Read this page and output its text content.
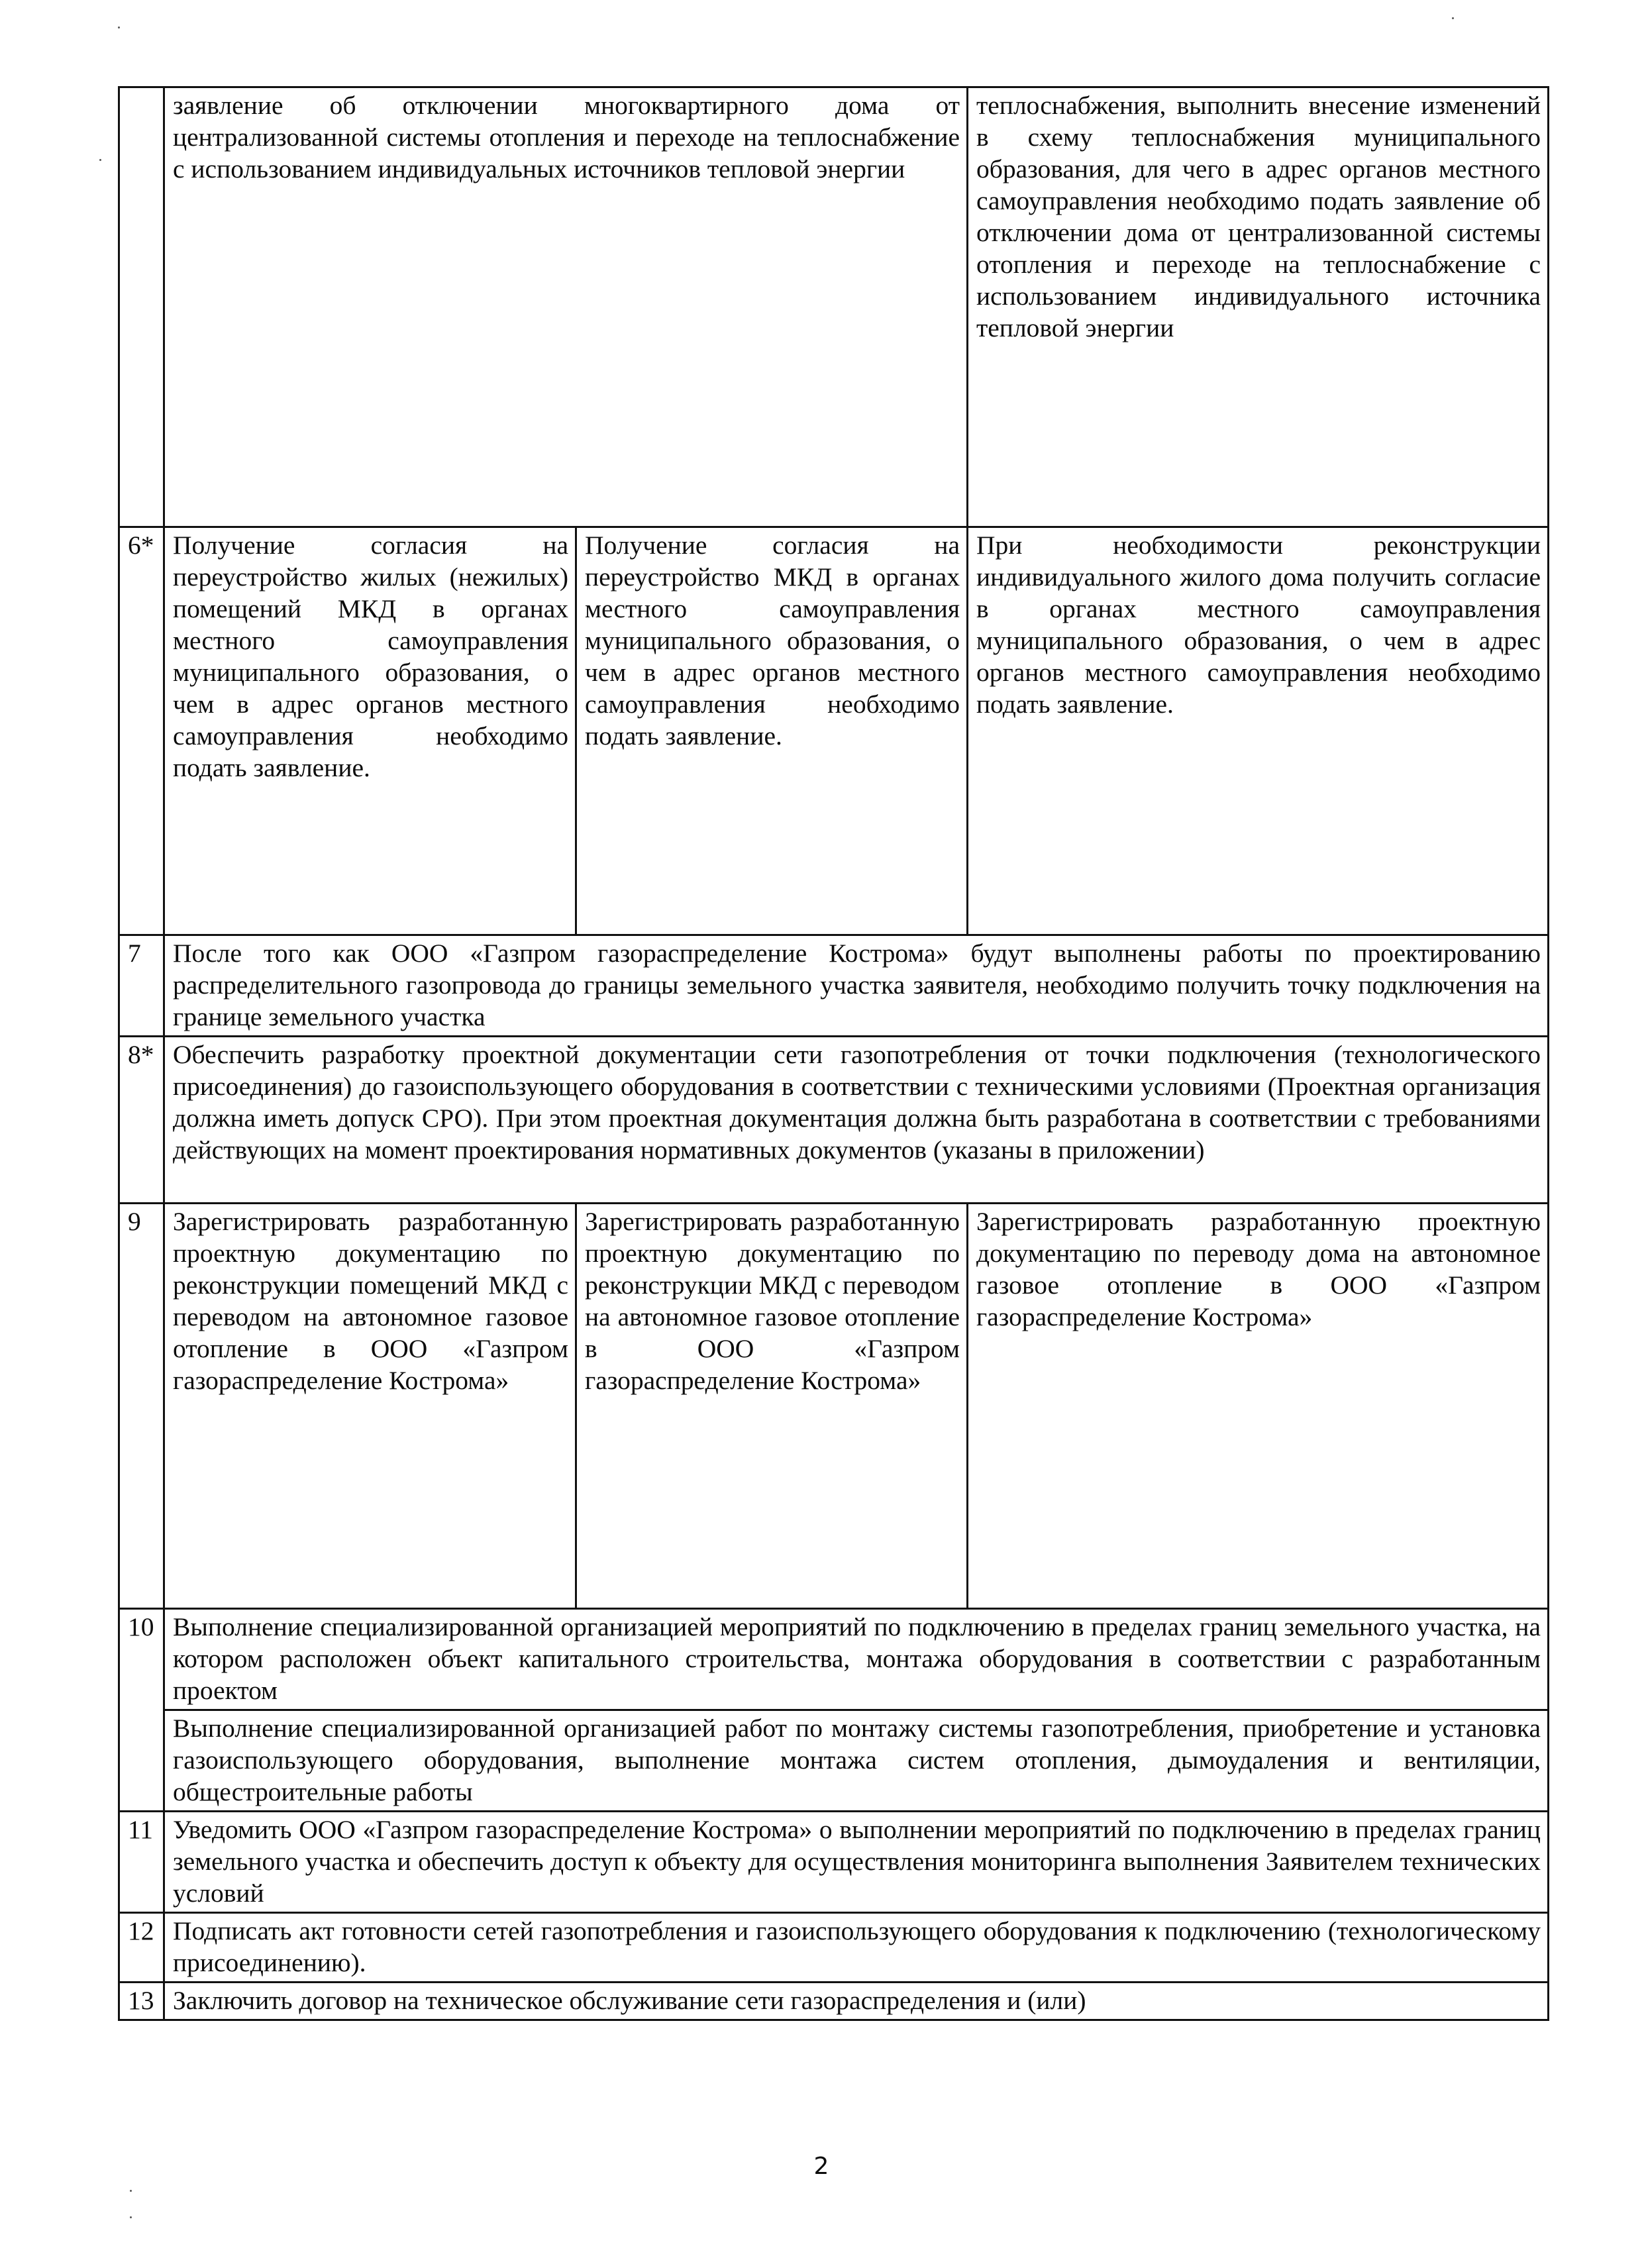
	заявление об отключении многоквартирного дома от централизованной системы отопления и переходе на теплоснабжение с использованием индивидуальных источников тепловой энергии		теплоснабжения, выполнить внесение изменений в схему теплоснабжения муниципального образования, для чего в адрес органов местного самоуправления необходимо подать заявление об отключении дома от централизованной системы отопления и переходе на теплоснабжение с использованием индивидуального источника тепловой энергии
6*	Получение согласия на переустройство жилых (нежилых) помещений МКД в органах местного самоуправления муниципального образования, о чем в адрес органов местного самоуправления необходимо подать заявление.	Получение согласия на переустройство МКД в органах местного самоуправления муниципального образования, о чем в адрес органов местного самоуправления необходимо подать заявление.	При необходимости реконструкции индивидуального жилого дома получить согласие в органах местного самоуправления муниципального образования, о чем в адрес органов местного самоуправления необходимо подать заявление.
7	После того как ООО «Газпром газораспределение Кострома» будут выполнены работы по проектированию распределительного газопровода до границы земельного участка заявителя, необходимо получить точку подключения на границе земельного участка		
8*	Обеспечить разработку проектной документации сети газопотребления от точки подключения (технологического присоединения) до газоиспользующего оборудования в соответствии с техническими условиями (Проектная организация должна иметь допуск СРО). При этом проектная документация должна быть разработана в соответствии с требованиями действующих на момент проектирования нормативных документов (указаны в приложении)		
9	Зарегистрировать разработанную проектную документацию по реконструкции помещений МКД с переводом на автономное газовое отопление в ООО «Газпром газораспределение Кострома»	Зарегистрировать разработанную проектную документацию по реконструкции МКД с переводом на автономное газовое отопление в ООО «Газпром газораспределение Кострома»	Зарегистрировать разработанную проектную документацию по переводу дома на автономное газовое отопление в ООО «Газпром газораспределение Кострома»
10	Выполнение специализированной организацией мероприятий по подключению в пределах границ земельного участка, на котором расположен объект капитального строительства, монтажа оборудования в соответствии с разработанным проектом		
	Выполнение специализированной организацией работ по монтажу системы газопотребления, приобретение и установка газоиспользующего оборудования, выполнение монтажа систем отопления, дымоудаления и вентиляции, общестроительные работы		
11	Уведомить ООО «Газпром газораспределение Кострома» о выполнении мероприятий по подключению в пределах границ земельного участка и обеспечить доступ к объекту для осуществления мониторинга выполнения Заявителем технических условий		
12	Подписать акт готовности сетей газопотребления и газоиспользующего оборудования к подключению (технологическому присоединению).		
13	Заключить договор на техническое обслуживание сети газораспределения и (или)		
2
